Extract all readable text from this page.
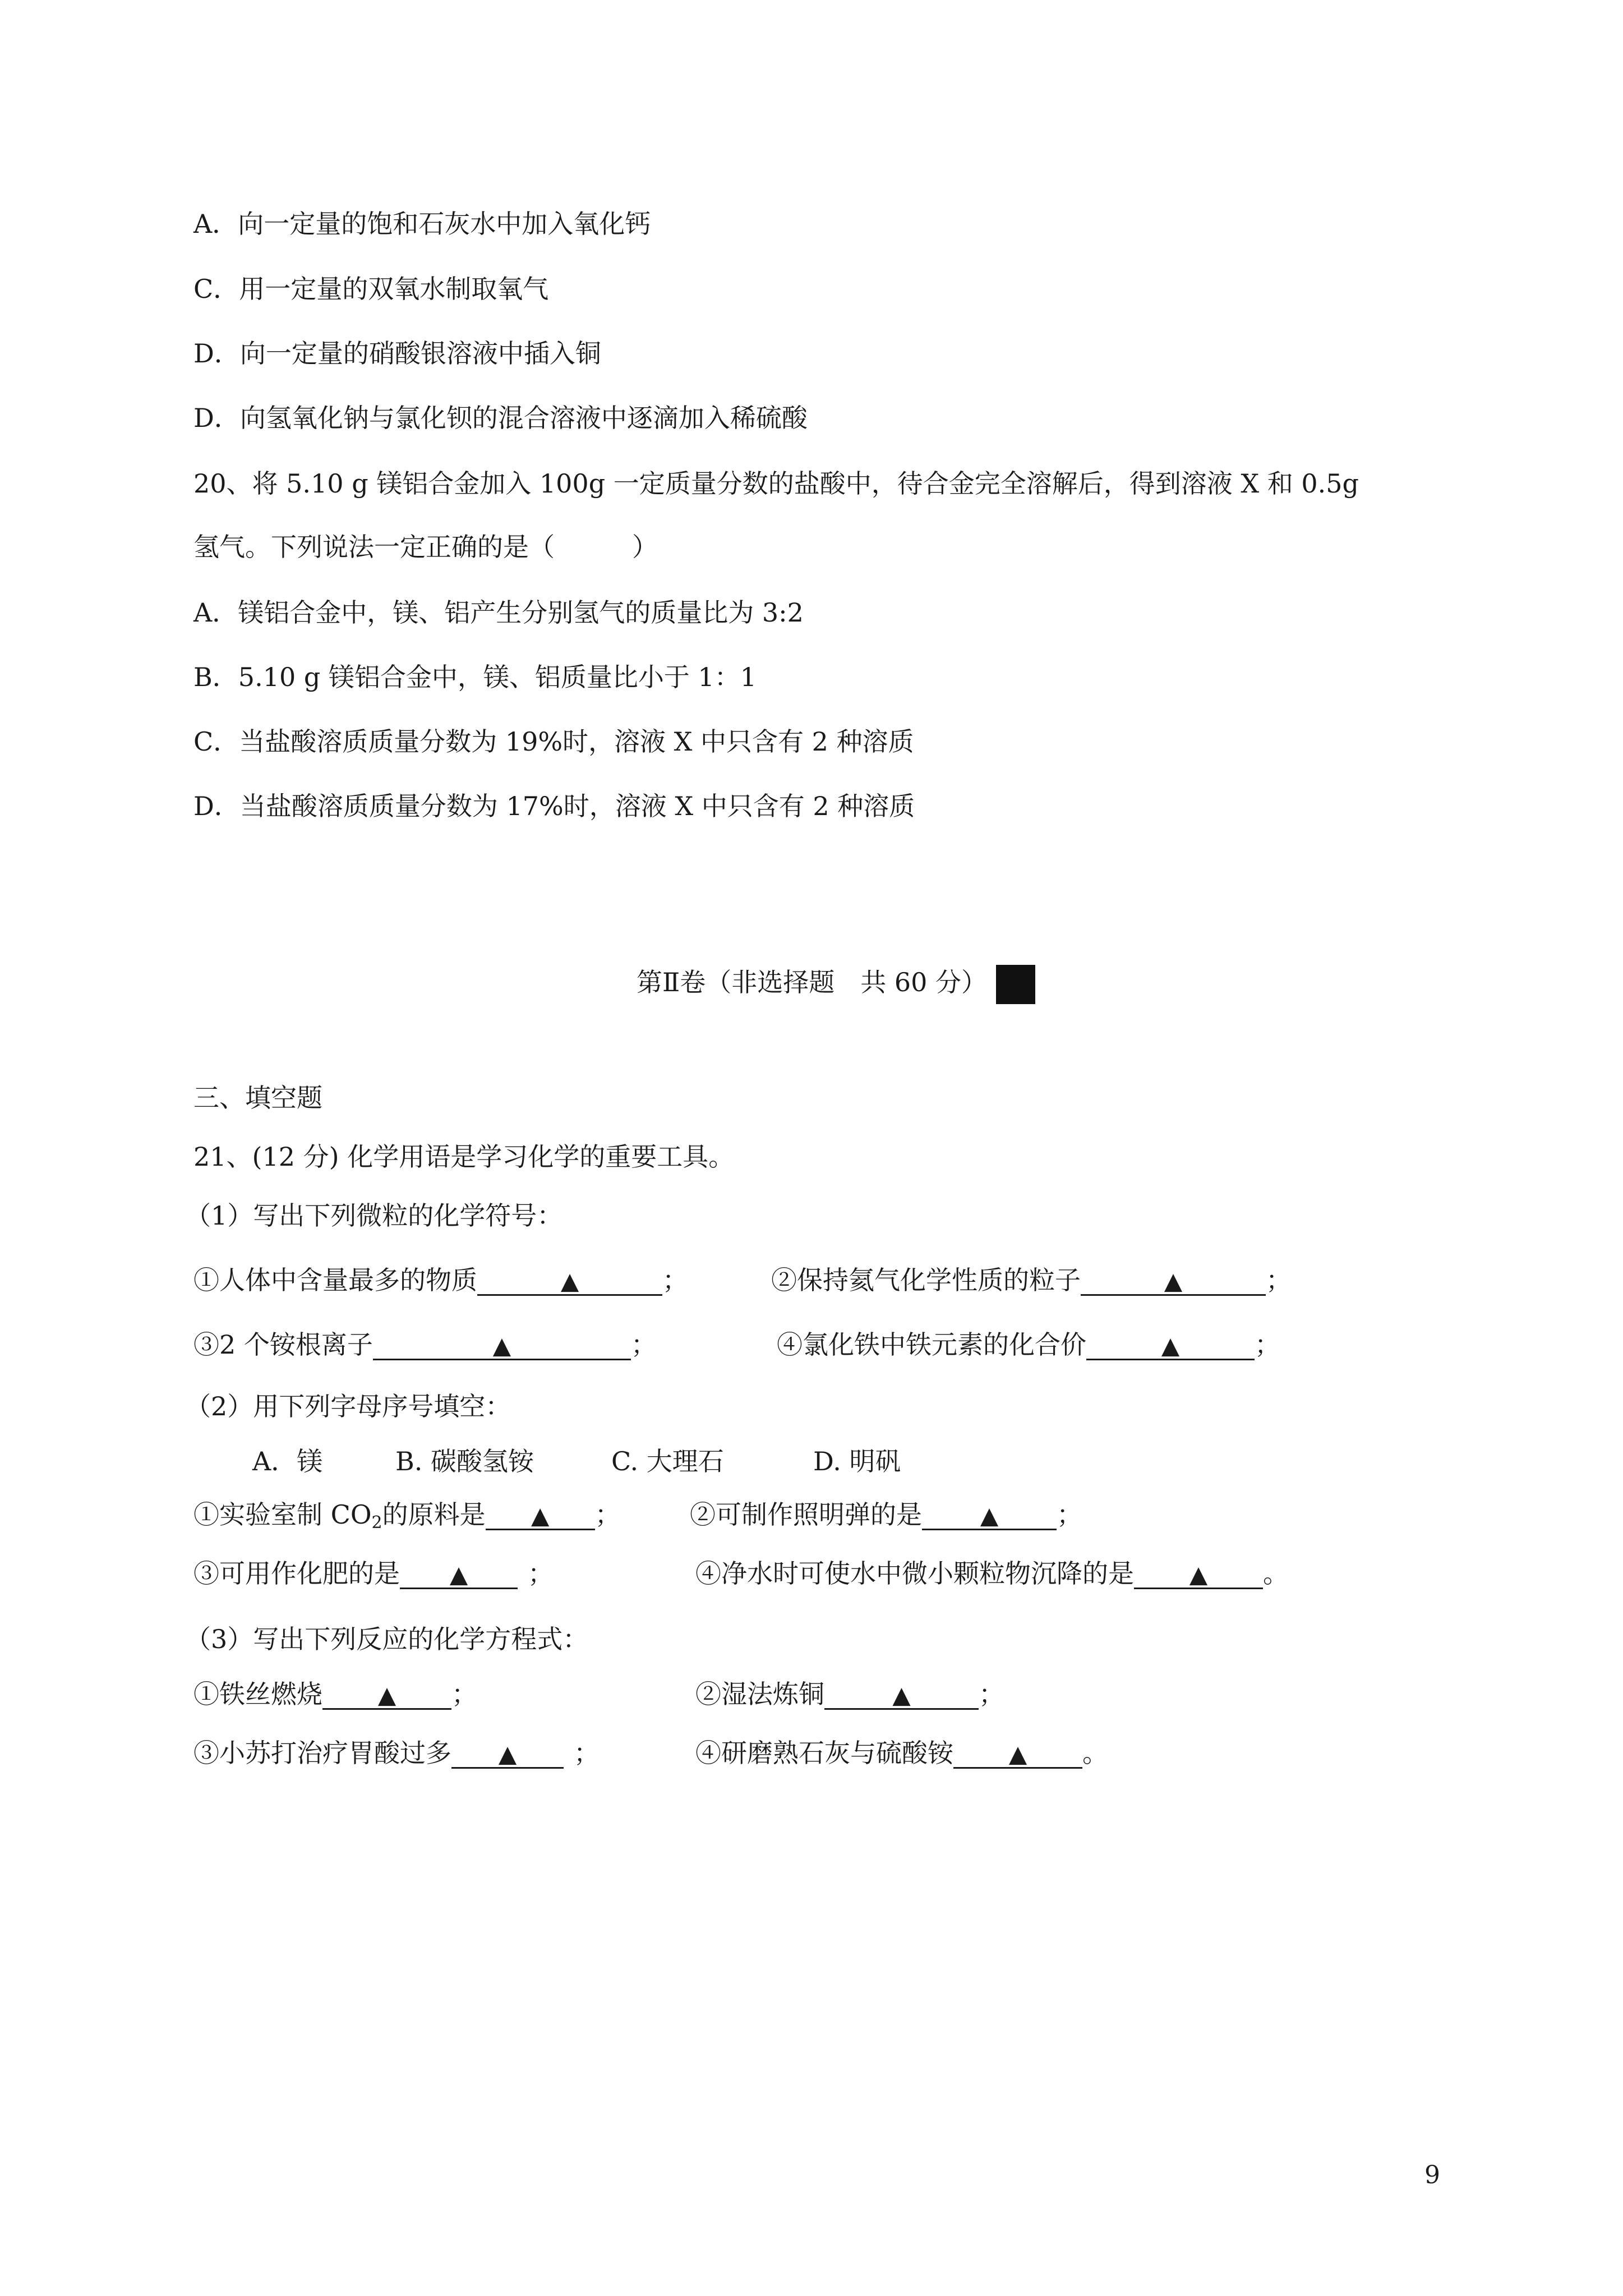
A．向一定量的饱和石灰水中加入氧化钙
C．用一定量的双氧水制取氧气
D．向一定量的硝酸银溶液中插入铜
D．向氢氧化钠与氯化钡的混合溶液中逐滴加入稀硫酸
20、将 5.10 g 镁铝合金加入 100g 一定质量分数的盐酸中，待合金完全溶解后，得到溶液 X 和 0.5g
氢气。下列说法一定正确的是（　　　）
A．镁铝合金中，镁、铝产生分别氢气的质量比为 3:2
B．5.10 g 镁铝合金中，镁、铝质量比小于 1：1
C．当盐酸溶质质量分数为 19%时，溶液 X 中只含有 2 种溶质
D．当盐酸溶质质量分数为 17%时，溶液 X 中只含有 2 种溶质
第Ⅱ卷（非选择题　共 60 分）
三、填空题
21、(12 分) 化学用语是学习化学的重要工具。
（1）写出下列微粒的化学符号：
①人体中含量最多的物质	▲	；	②保持氦气化学性质的粒子	▲	；
③2 个铵根离子	▲	；	④氯化铁中铁元素的化合价	▲	；
（2）用下列字母序号填空：
A．镁	B. 碳酸氢铵	C. 大理石	D. 明矾
①实验室制 $CO_2$的原料是 ▲ ；	②可制作照明弹的是 ▲ ；
③可用作化肥的是 ▲ ；	④净水时可使水中微小颗粒物沉降的是 ▲ 。
（3）写出下列反应的化学方程式：
①铁丝燃烧 ▲ ；	②湿法炼铜	▲	；
③小苏打治疗胃酸过多 ▲ ；	④研磨熟石灰与硫酸铵 ▲ 。
9
